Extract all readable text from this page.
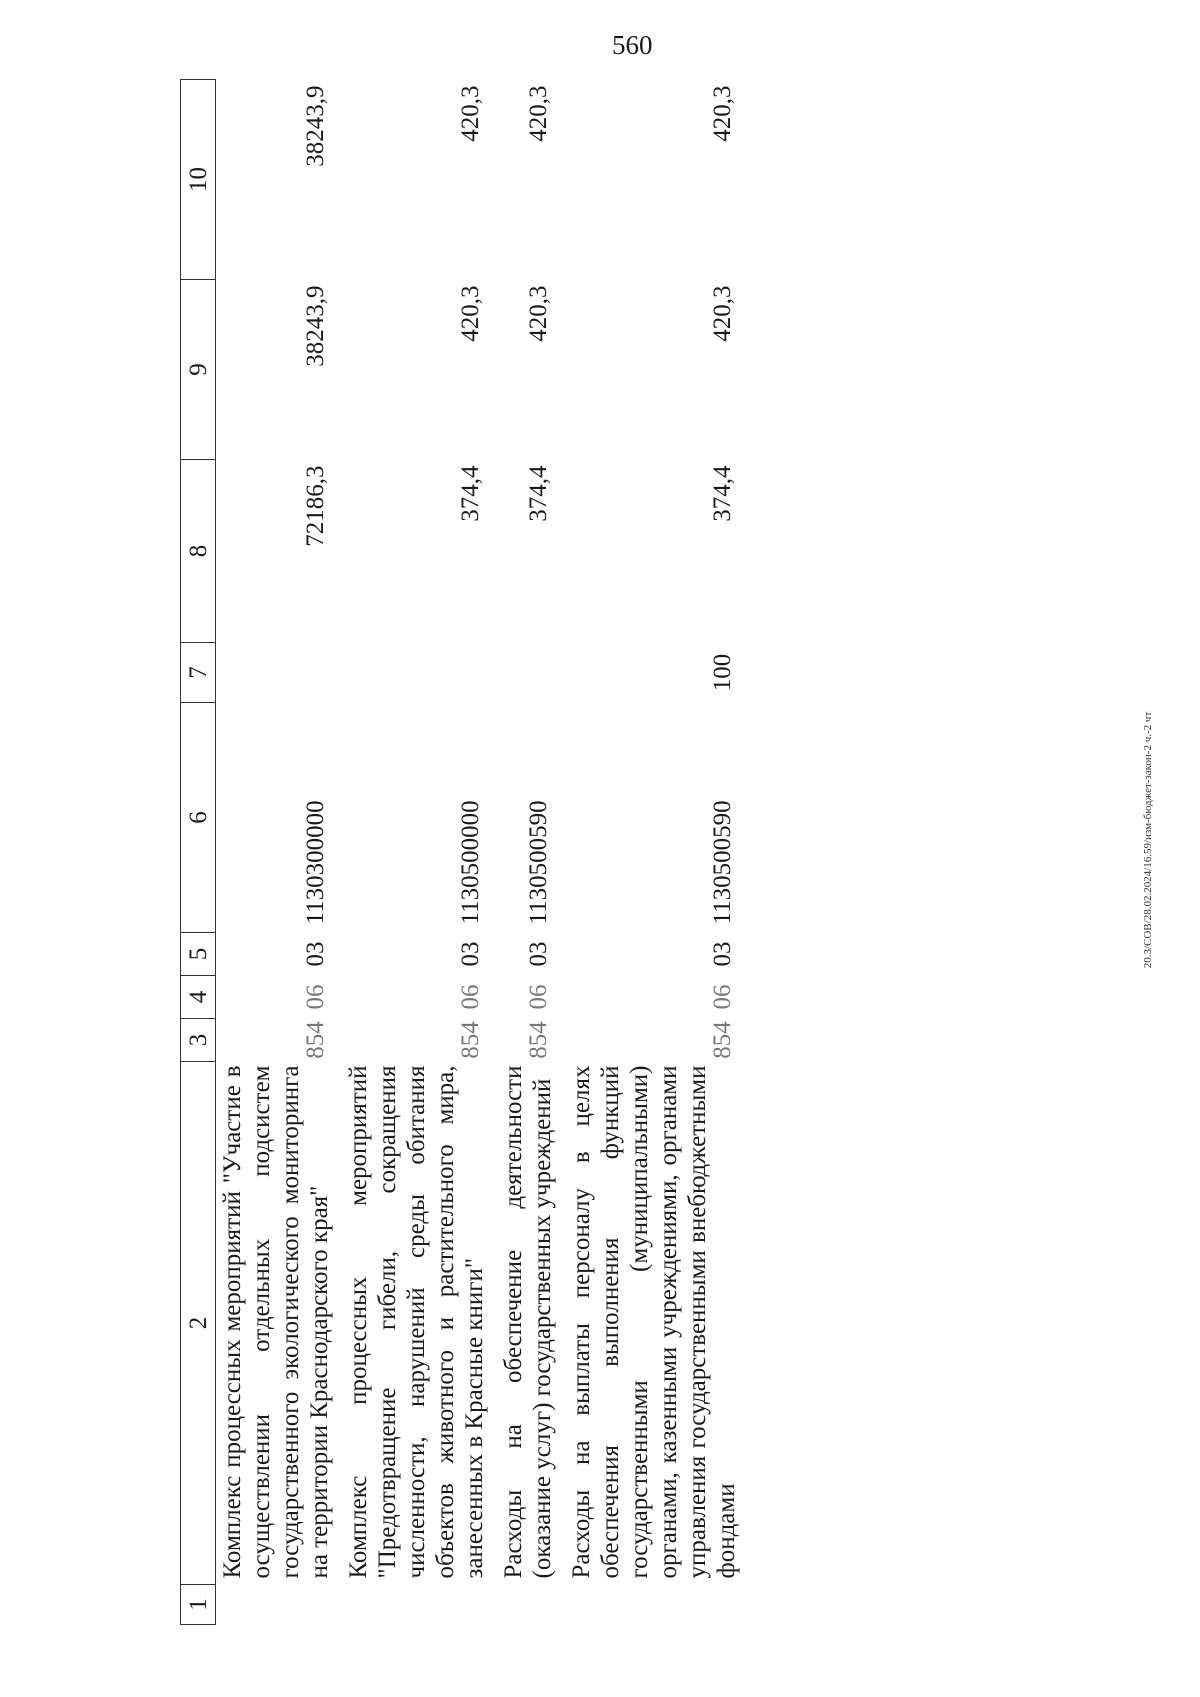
560
20.3/СОВ/28.02.2024/16.59/изм-бюджет-закон-2 ч.-2 чт
1	2	3	4	5	6	7	8	9	10
	Комплекс процессных мероприятий "Участие в осуществлении отдельных подсистем государственного экологического мониторинга на территории Краснодарского края"	854	06	03	1130300000		72186,3	38243,9	38243,9
	Комплекс процессных мероприятий "Предотвращение гибели, сокращения численности, нарушений среды обитания объектов животного и растительного мира, занесенных в Красные книги"	854	06	03	1130500000		374,4	420,3	420,3
	Расходы на обеспечение деятельности (оказание услуг) государственных учреждений	854	06	03	1130500590		374,4	420,3	420,3
	Расходы на выплаты персоналу в целях обеспечения выполнения функций государственными (муниципальными) органами, казенными учреждениями, органами управления государственными внебюджетными фондами	854	06	03	1130500590	100	374,4	420,3	420,3
